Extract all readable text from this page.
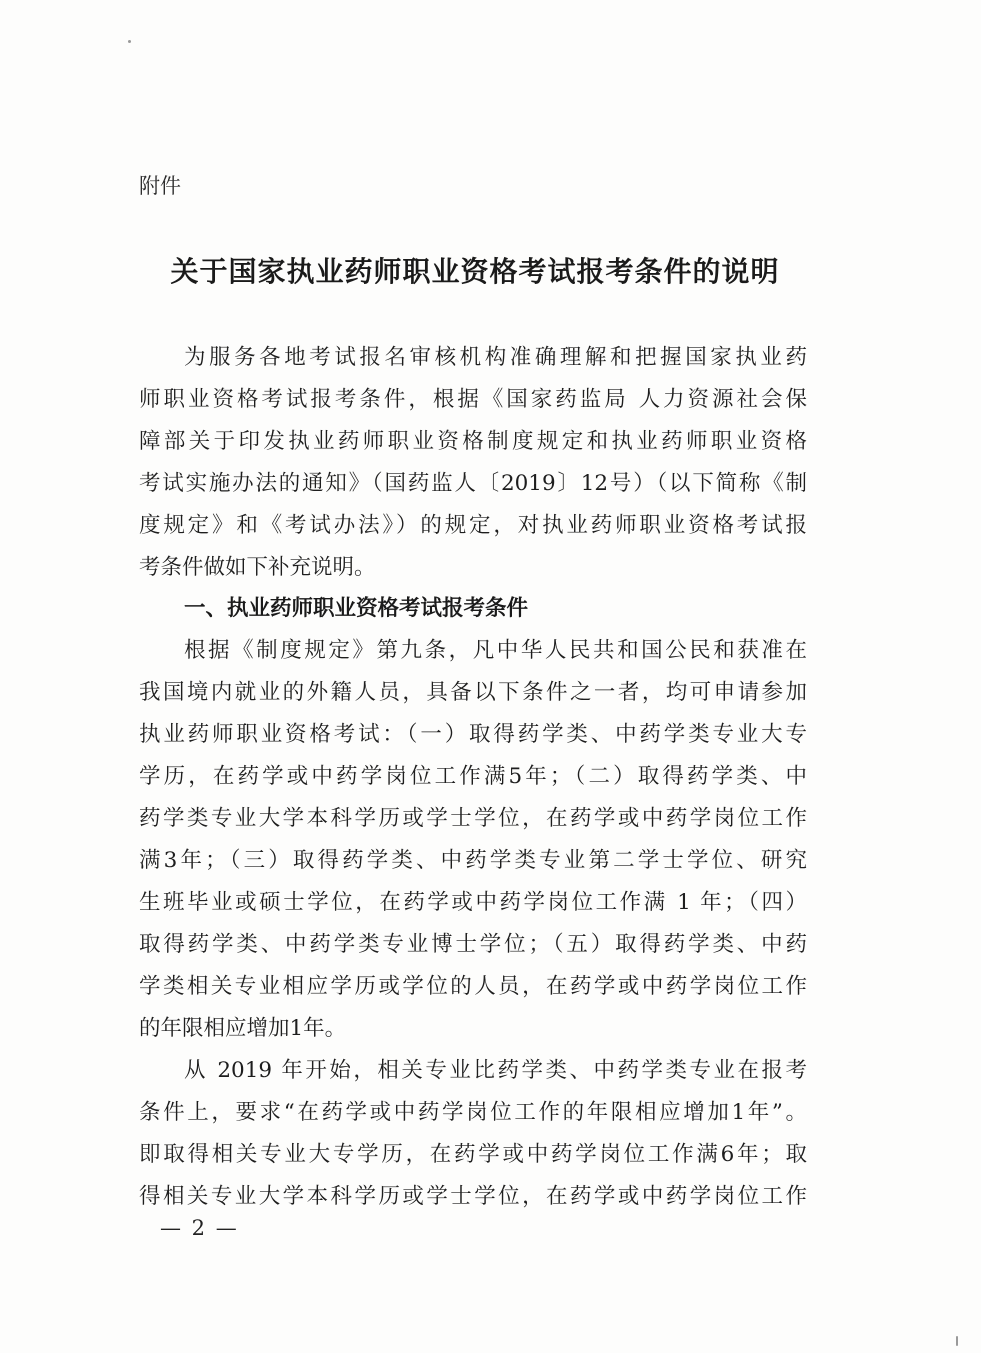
附件
关于国家执业药师职业资格考试报考条件的说明
为服务各地考试报名审核机构准确理解和把握国家执业药
师职业资格考试报考条件，根据《国家药监局 人力资源社会保
障部关于印发执业药师职业资格制度规定和执业药师职业资格
考试实施办法的通知》（国药监人〔2019〕12号）（以下简称《制
度规定》和《考试办法》）的规定，对执业药师职业资格考试报
考条件做如下补充说明。
一、执业药师职业资格考试报考条件
根据《制度规定》第九条，凡中华人民共和国公民和获准在
我国境内就业的外籍人员，具备以下条件之一者，均可申请参加
执业药师职业资格考试：（一）取得药学类、中药学类专业大专
学历，在药学或中药学岗位工作满5年；（二）取得药学类、中
药学类专业大学本科学历或学士学位，在药学或中药学岗位工作
满3年；（三）取得药学类、中药学类专业第二学士学位、研究
生班毕业或硕士学位，在药学或中药学岗位工作满 1 年；（四）
取得药学类、中药学类专业博士学位；（五）取得药学类、中药
学类相关专业相应学历或学位的人员，在药学或中药学岗位工作
的年限相应增加1年。
从 2019 年开始，相关专业比药学类、中药学类专业在报考
条件上，要求“在药学或中药学岗位工作的年限相应增加1年”。
即取得相关专业大专学历，在药学或中药学岗位工作满6年；取
得相关专业大学本科学历或学士学位，在药学或中药学岗位工作
— 2 —
